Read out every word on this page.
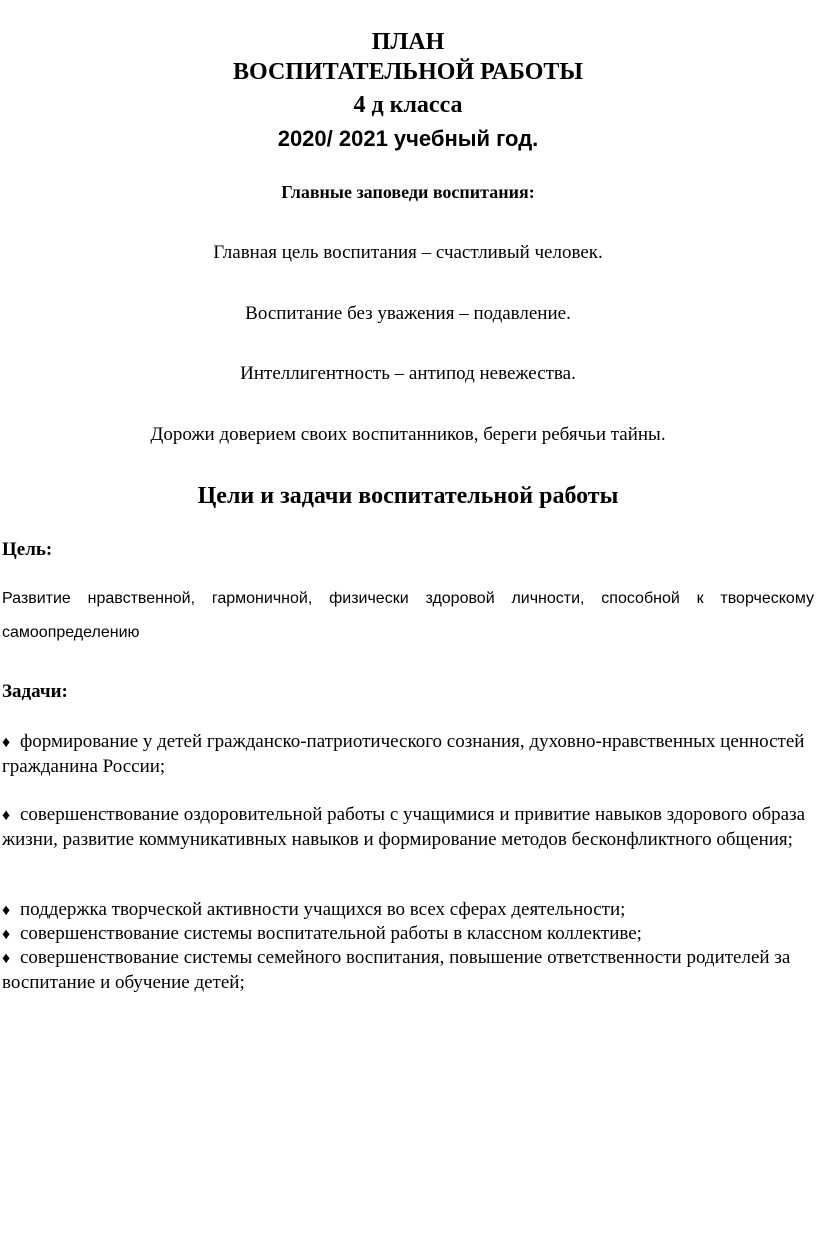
ПЛАН
ВОСПИТАТЕЛЬНОЙ РАБОТЫ
4 д класса
2020/ 2021 учебный год.
Главные заповеди воспитания:
Главная цель воспитания – счастливый человек.
Воспитание без уважения – подавление.
Интеллигентность – антипод невежества.
Дорожи доверием своих воспитанников, береги ребячьи тайны.
Цели и задачи воспитательной работы
Цель:
Развитие нравственной, гармоничной, физически здоровой личности, способной к творческому самоопределению
Задачи:
♦ формирование у детей гражданско-патриотического сознания, духовно-нравственных ценностей гражданина России;
♦ совершенствование оздоровительной работы с учащимися и привитие навыков здорового образа жизни, развитие коммуникативных навыков и формирование методов бесконфликтного общения;
♦ поддержка творческой активности учащихся во всех сферах деятельности;
♦ совершенствование системы воспитательной работы в классном коллективе;
♦ совершенствование системы семейного воспитания, повышение ответственности родителей за воспитание и обучение детей;
